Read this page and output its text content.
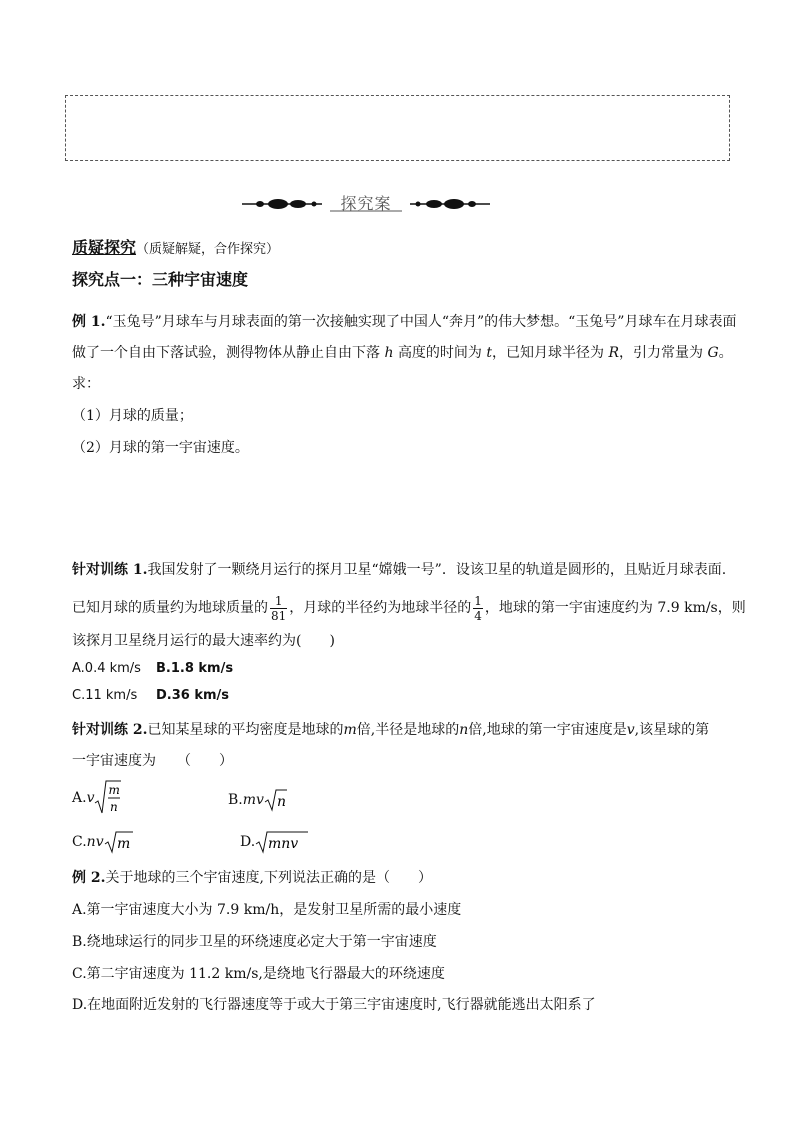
探究案
质疑探究（质疑解疑，合作探究）
探究点一：三种宇宙速度
例 1.“玉兔号”月球车与月球表面的第一次接触实现了中国人“奔月”的伟大梦想。“玉兔号”月球车在月球表面
做了一个自由下落试验，测得物体从静止自由下落 h 高度的时间为 t，已知月球半径为 R，引力常量为 G。
求：
（1）月球的质量；
（2）月球的第一宇宙速度。
针对训练 1.我国发射了一颗绕月运行的探月卫星“嫦娥一号”．设该卫星的轨道是圆形的，且贴近月球表面.
已知月球的质量约为地球质量的 $\frac{1}{81}$ ，月球的半径约为地球半径的 $\frac{1}{4}$ ，地球的第一宇宙速度约为 7.9 km/s，则
该探月卫星绕月运行的最大速率约为(　　)
A.0.4 km/s B.1.8 km/s
C.11 km/s D.36 km/s
针对训练 2.已知某星球的平均密度是地球的m倍,半径是地球的n倍,地球的第一宇宙速度是v,该星球的第
一宇宙速度为　　（　　）
A.v m
n	B.mv n
C.nv m	D. mnv
例 2.关于地球的三个宇宙速度,下列说法正确的是（　　）
A.第一宇宙速度大小为 7.9 km/h，是发射卫星所需的最小速度
B.绕地球运行的同步卫星的环绕速度必定大于第一宇宙速度
C.第二宇宙速度为 11.2 km/s,是绕地飞行器最大的环绕速度
D.在地面附近发射的飞行器速度等于或大于第三宇宙速度时,飞行器就能逃出太阳系了
